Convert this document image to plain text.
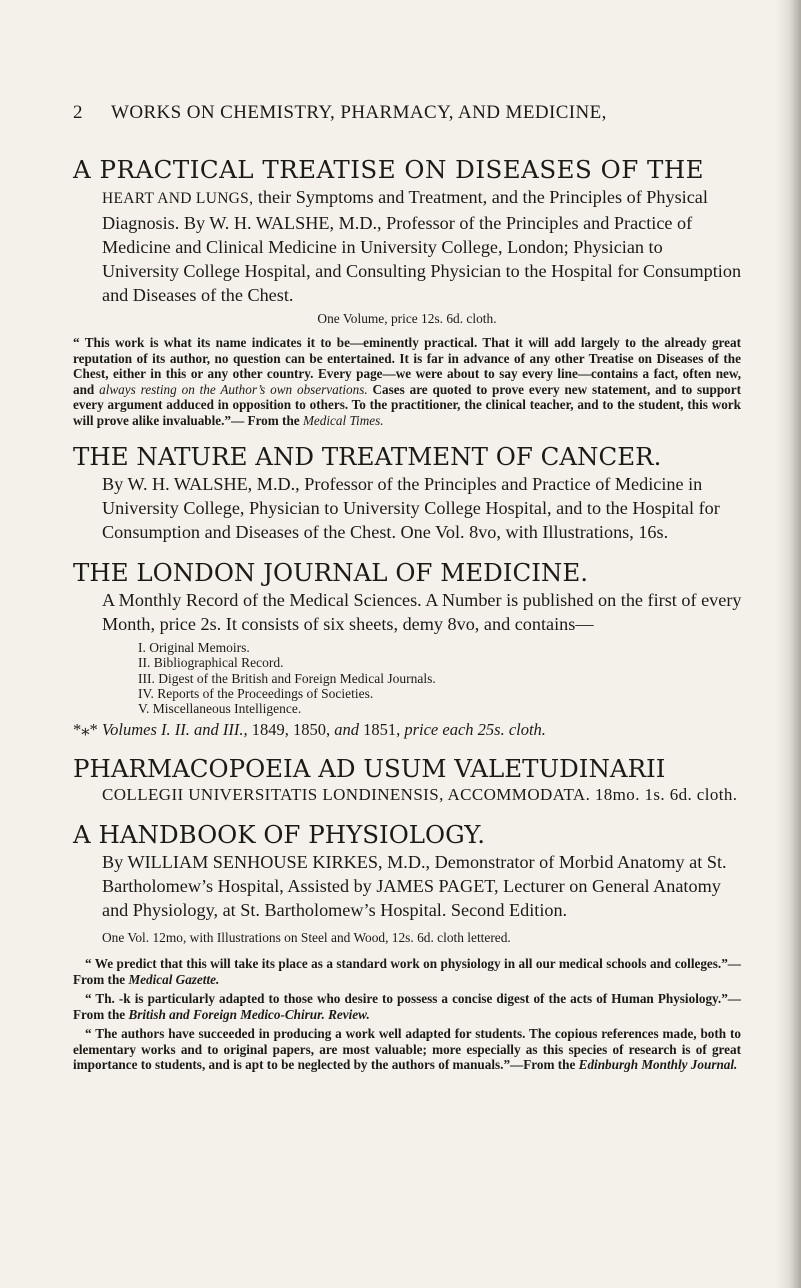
2 WORKS ON CHEMISTRY, PHARMACY, AND MEDICINE,

A PRACTICAL TREATISE ON DISEASES OF THE

HEART AND LUNGS, their Symptoms and Treatment, and the Principles of Physical Diagnosis. By W. H. WALSHE, M.D., Professor of the Principles and Practice of Medicine and Clinical Medicine in University College, London; Physician to University College Hospital, and Consulting Physician to the Hospital for Consumption and Diseases of the Chest.

One Volume, price 12s. 6d. cloth.

“ This work is what its name indicates it to be—eminently practical. That it will add largely to the already great reputation of its author, no question can be entertained. It is far in advance of any other Treatise on Diseases of the Chest, either in this or any other country. Every page—we were about to say every line—contains a fact, often new, and always resting on the Author’s own observations. Cases are quoted to prove every new statement, and to support every argument adduced in opposition to others. To the practitioner, the clinical teacher, and to the student, this work will prove alike invaluable.”— From the Medical Times.

THE NATURE AND TREATMENT OF CANCER.

By W. H. WALSHE, M.D., Professor of the Principles and Practice of Medicine in University College, Physician to University College Hospital, and to the Hospital for Consumption and Diseases of the Chest. One Vol. 8vo, with Illustrations, 16s.

THE LONDON JOURNAL OF MEDICINE.

A Monthly Record of the Medical Sciences. A Number is published on the first of every Month, price 2s. It consists of six sheets, demy 8vo, and contains—

I. Original Memoirs.
II. Bibliographical Record.
III. Digest of the British and Foreign Medical Journals.
IV. Reports of the Proceedings of Societies.
V. Miscellaneous Intelligence.

*⁎* Volumes I. II. and III., 1849, 1850, and 1851, price each 25s. cloth.

PHARMACOPOEIA AD USUM VALETUDINARII

COLLEGII UNIVERSITATIS LONDINENSIS, ACCOMMODATA. 18mo. 1s. 6d. cloth.

A HANDBOOK OF PHYSIOLOGY.

By WILLIAM SENHOUSE KIRKES, M.D., Demonstrator of Morbid Anatomy at St. Bartholomew’s Hospital, Assisted by JAMES PAGET, Lecturer on General Anatomy and Physiology, at St. Bartholomew’s Hospital. Second Edition.

One Vol. 12mo, with Illustrations on Steel and Wood, 12s. 6d. cloth lettered.

“ We predict that this will take its place as a standard work on physiology in all our medical schools and colleges.”—From the Medical Gazette.

“ Th. ‑k is particularly adapted to those who desire to possess a concise digest of the acts of Human Physiology.”—From the British and Foreign Medico-Chirur. Review.

“ The authors have succeeded in producing a work well adapted for students. The copious references made, both to elementary works and to original papers, are most valuable; more especially as this species of research is of great importance to students, and is apt to be neglected by the authors of manuals.”—From the Edinburgh Monthly Journal.
